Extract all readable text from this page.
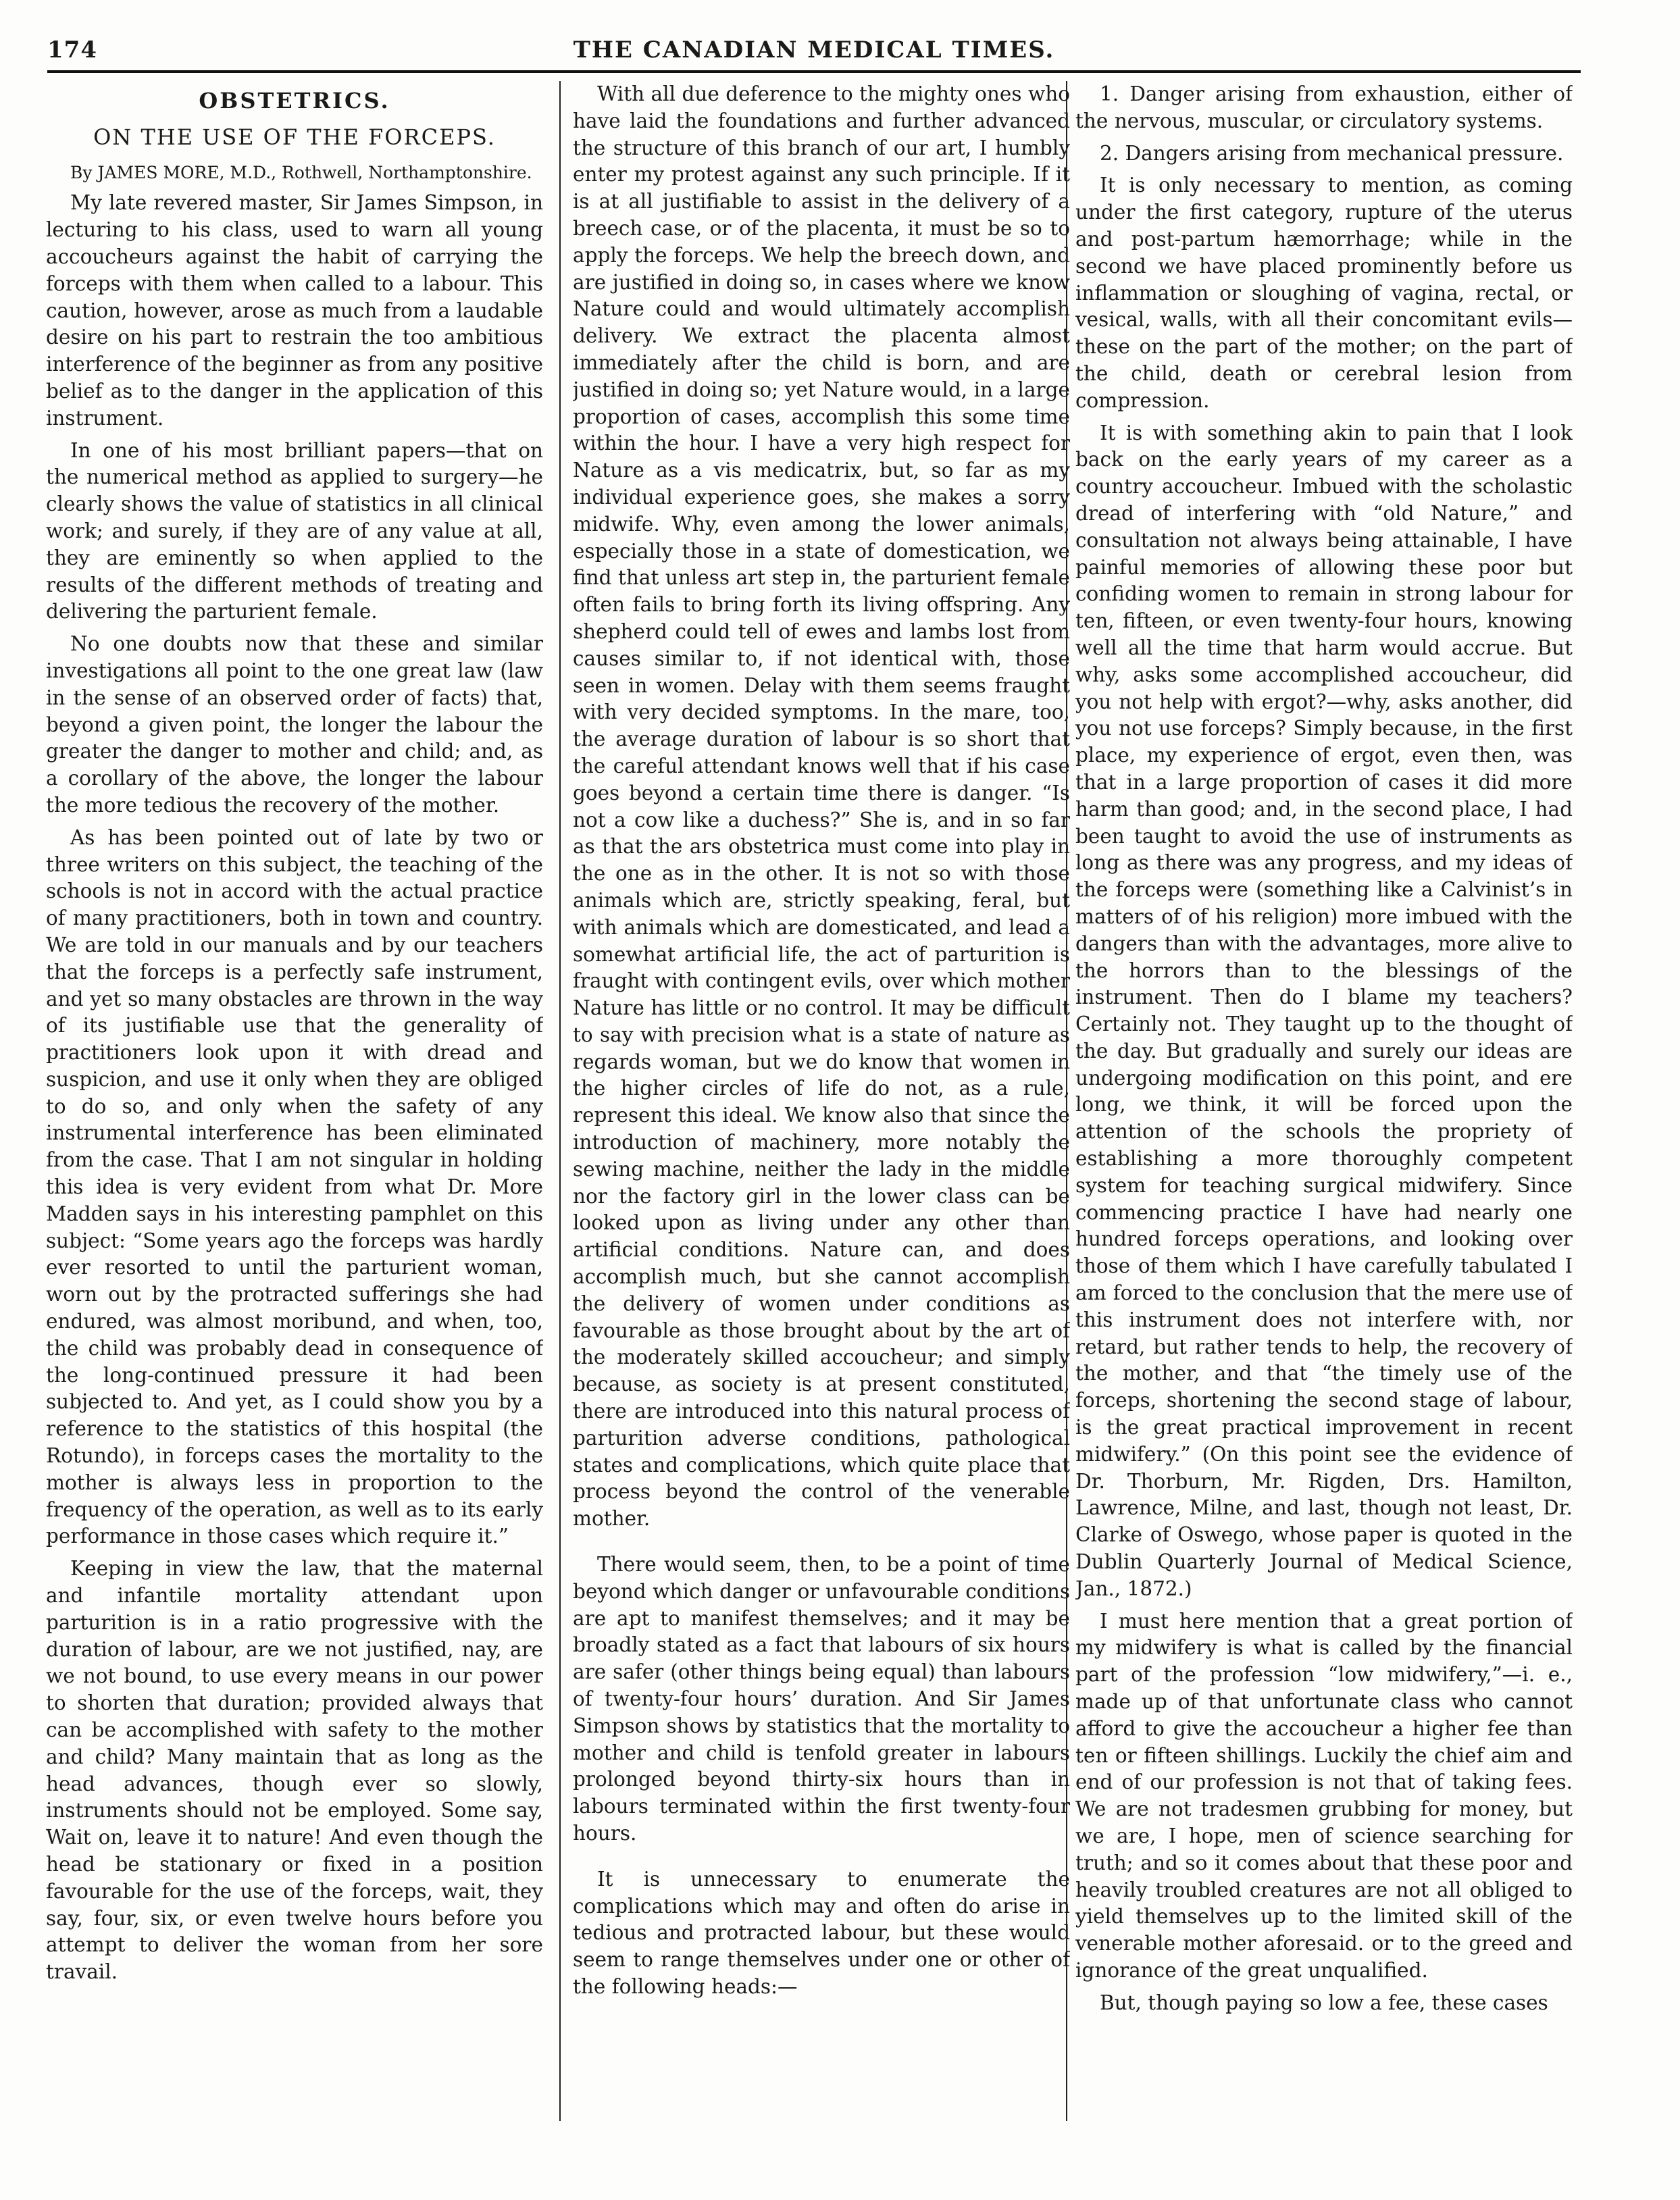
174	THE CANADIAN MEDICAL TIMES.
OBSTETRICS.
ON THE USE OF THE FORCEPS.
By JAMES MORE, M.D., Rothwell, Northamptonshire.

My late revered master, Sir James Simpson, in lecturing to his class, used to warn all young accoucheurs against the habit of carrying the forceps with them when called to a labour. This caution, however, arose as much from a laudable desire on his part to restrain the too ambitious interference of the beginner as from any positive belief as to the danger in the application of this instrument.

In one of his most brilliant papers—that on the numerical method as applied to surgery—he clearly shows the value of statistics in all clinical work; and surely, if they are of any value at all, they are eminently so when applied to the results of the different methods of treating and delivering the parturient female.

No one doubts now that these and similar investigations all point to the one great law (law in the sense of an observed order of facts) that, beyond a given point, the longer the labour the greater the danger to mother and child; and, as a corollary of the above, the longer the labour the more tedious the recovery of the mother.

As has been pointed out of late by two or three writers on this subject, the teaching of the schools is not in accord with the actual practice of many practitioners, both in town and country. We are told in our manuals and by our teachers that the forceps is a perfectly safe instrument, and yet so many obstacles are thrown in the way of its justifiable use that the generality of practitioners look upon it with dread and suspicion, and use it only when they are obliged to do so, and only when the safety of any instrumental interference has been eliminated from the case. That I am not singular in holding this idea is very evident from what Dr. More Madden says in his interesting pamphlet on this subject: “Some years ago the forceps was hardly ever resorted to until the parturient woman, worn out by the protracted sufferings she had endured, was almost moribund, and when, too, the child was probably dead in consequence of the long-continued pressure it had been subjected to. And yet, as I could show you by a reference to the statistics of this hospital (the Rotundo), in forceps cases the mortality to the mother is always less in proportion to the frequency of the operation, as well as to its early performance in those cases which require it.”

Keeping in view the law, that the maternal and infantile mortality attendant upon parturition is in a ratio progressive with the duration of labour, are we not justified, nay, are we not bound, to use every means in our power to shorten that duration; provided always that can be accomplished with safety to the mother and child? Many maintain that as long as the head advances, though ever so slowly, instruments should not be employed. Some say, Wait on, leave it to nature! And even though the head be stationary or fixed in a position favourable for the use of the forceps, wait, they say, four, six, or even twelve hours before you attempt to deliver the woman from her sore travail.

With all due deference to the mighty ones who have laid the foundations and further advanced the structure of this branch of our art, I humbly enter my protest against any such principle. If it is at all justifiable to assist in the delivery of a breech case, or of the placenta, it must be so to apply the forceps. We help the breech down, and are justified in doing so, in cases where we know Nature could and would ultimately accomplish delivery. We extract the placenta almost immediately after the child is born, and are justified in doing so; yet Nature would, in a large proportion of cases, accomplish this some time within the hour. I have a very high respect for Nature as a vis medicatrix, but, so far as my individual experience goes, she makes a sorry midwife. Why, even among the lower animals, especially those in a state of domestication, we find that unless art step in, the parturient female often fails to bring forth its living offspring. Any shepherd could tell of ewes and lambs lost from causes similar to, if not identical with, those seen in women. Delay with them seems fraught with very decided symptoms. In the mare, too, the average duration of labour is so short that the careful attendant knows well that if his case goes beyond a certain time there is danger. “Is not a cow like a duchess?” She is, and in so far as that the ars obstetrica must come into play in the one as in the other. It is not so with those animals which are, strictly speaking, feral, but with animals which are domesticated, and lead a somewhat artificial life, the act of parturition is fraught with contingent evils, over which mother Nature has little or no control. It may be difficult to say with precision what is a state of nature as regards woman, but we do know that women in the higher circles of life do not, as a rule, represent this ideal. We know also that since the introduction of machinery, more notably the sewing machine, neither the lady in the middle nor the factory girl in the lower class can be looked upon as living under any other than artificial conditions. Nature can, and does accomplish much, but she cannot accomplish the delivery of women under conditions as favourable as those brought about by the art of the moderately skilled accoucheur; and simply because, as society is at present constituted, there are introduced into this natural process of parturition adverse conditions, pathological states and complications, which quite place that process beyond the control of the venerable mother.

There would seem, then, to be a point of time beyond which danger or unfavourable conditions are apt to manifest themselves; and it may be broadly stated as a fact that labours of six hours are safer (other things being equal) than labours of twenty-four hours’ duration. And Sir James Simpson shows by statistics that the mortality to mother and child is tenfold greater in labours prolonged beyond thirty-six hours than in labours terminated within the first twenty-four hours.

It is unnecessary to enumerate the complications which may and often do arise in tedious and protracted labour, but these would seem to range themselves under one or other of the following heads:—

1. Danger arising from exhaustion, either of the nervous, muscular, or circulatory systems.

2. Dangers arising from mechanical pressure.

It is only necessary to mention, as coming under the first category, rupture of the uterus and post-partum hæmorrhage; while in the second we have placed prominently before us inflammation or sloughing of vagina, rectal, or vesical, walls, with all their concomitant evils—these on the part of the mother; on the part of the child, death or cerebral lesion from compression.

It is with something akin to pain that I look back on the early years of my career as a country accoucheur. Imbued with the scholastic dread of interfering with “old Nature,” and consultation not always being attainable, I have painful memories of allowing these poor but confiding women to remain in strong labour for ten, fifteen, or even twenty-four hours, knowing well all the time that harm would accrue. But why, asks some accomplished accoucheur, did you not help with ergot?—why, asks another, did you not use forceps? Simply because, in the first place, my experience of ergot, even then, was that in a large proportion of cases it did more harm than good; and, in the second place, I had been taught to avoid the use of instruments as long as there was any progress, and my ideas of the forceps were (something like a Calvinist’s in matters of of his religion) more imbued with the dangers than with the advantages, more alive to the horrors than to the blessings of the instrument. Then do I blame my teachers? Certainly not. They taught up to the thought of the day. But gradually and surely our ideas are undergoing modification on this point, and ere long, we think, it will be forced upon the attention of the schools the propriety of establishing a more thoroughly competent system for teaching surgical midwifery. Since commencing practice I have had nearly one hundred forceps operations, and looking over those of them which I have carefully tabulated I am forced to the conclusion that the mere use of this instrument does not interfere with, nor retard, but rather tends to help, the recovery of the mother, and that “the timely use of the forceps, shortening the second stage of labour, is the great practical improvement in recent midwifery.” (On this point see the evidence of Dr. Thorburn, Mr. Rigden, Drs. Hamilton, Lawrence, Milne, and last, though not least, Dr. Clarke of Oswego, whose paper is quoted in the Dublin Quarterly Journal of Medical Science, Jan., 1872.)

I must here mention that a great portion of my midwifery is what is called by the financial part of the profession “low midwifery,”—i. e., made up of that unfortunate class who cannot afford to give the accoucheur a higher fee than ten or fifteen shillings. Luckily the chief aim and end of our profession is not that of taking fees. We are not tradesmen grubbing for money, but we are, I hope, men of science searching for truth; and so it comes about that these poor and heavily troubled creatures are not all obliged to yield themselves up to the limited skill of the venerable mother aforesaid. or to the greed and ignorance of the great unqualified.

But, though paying so low a fee, these cases
